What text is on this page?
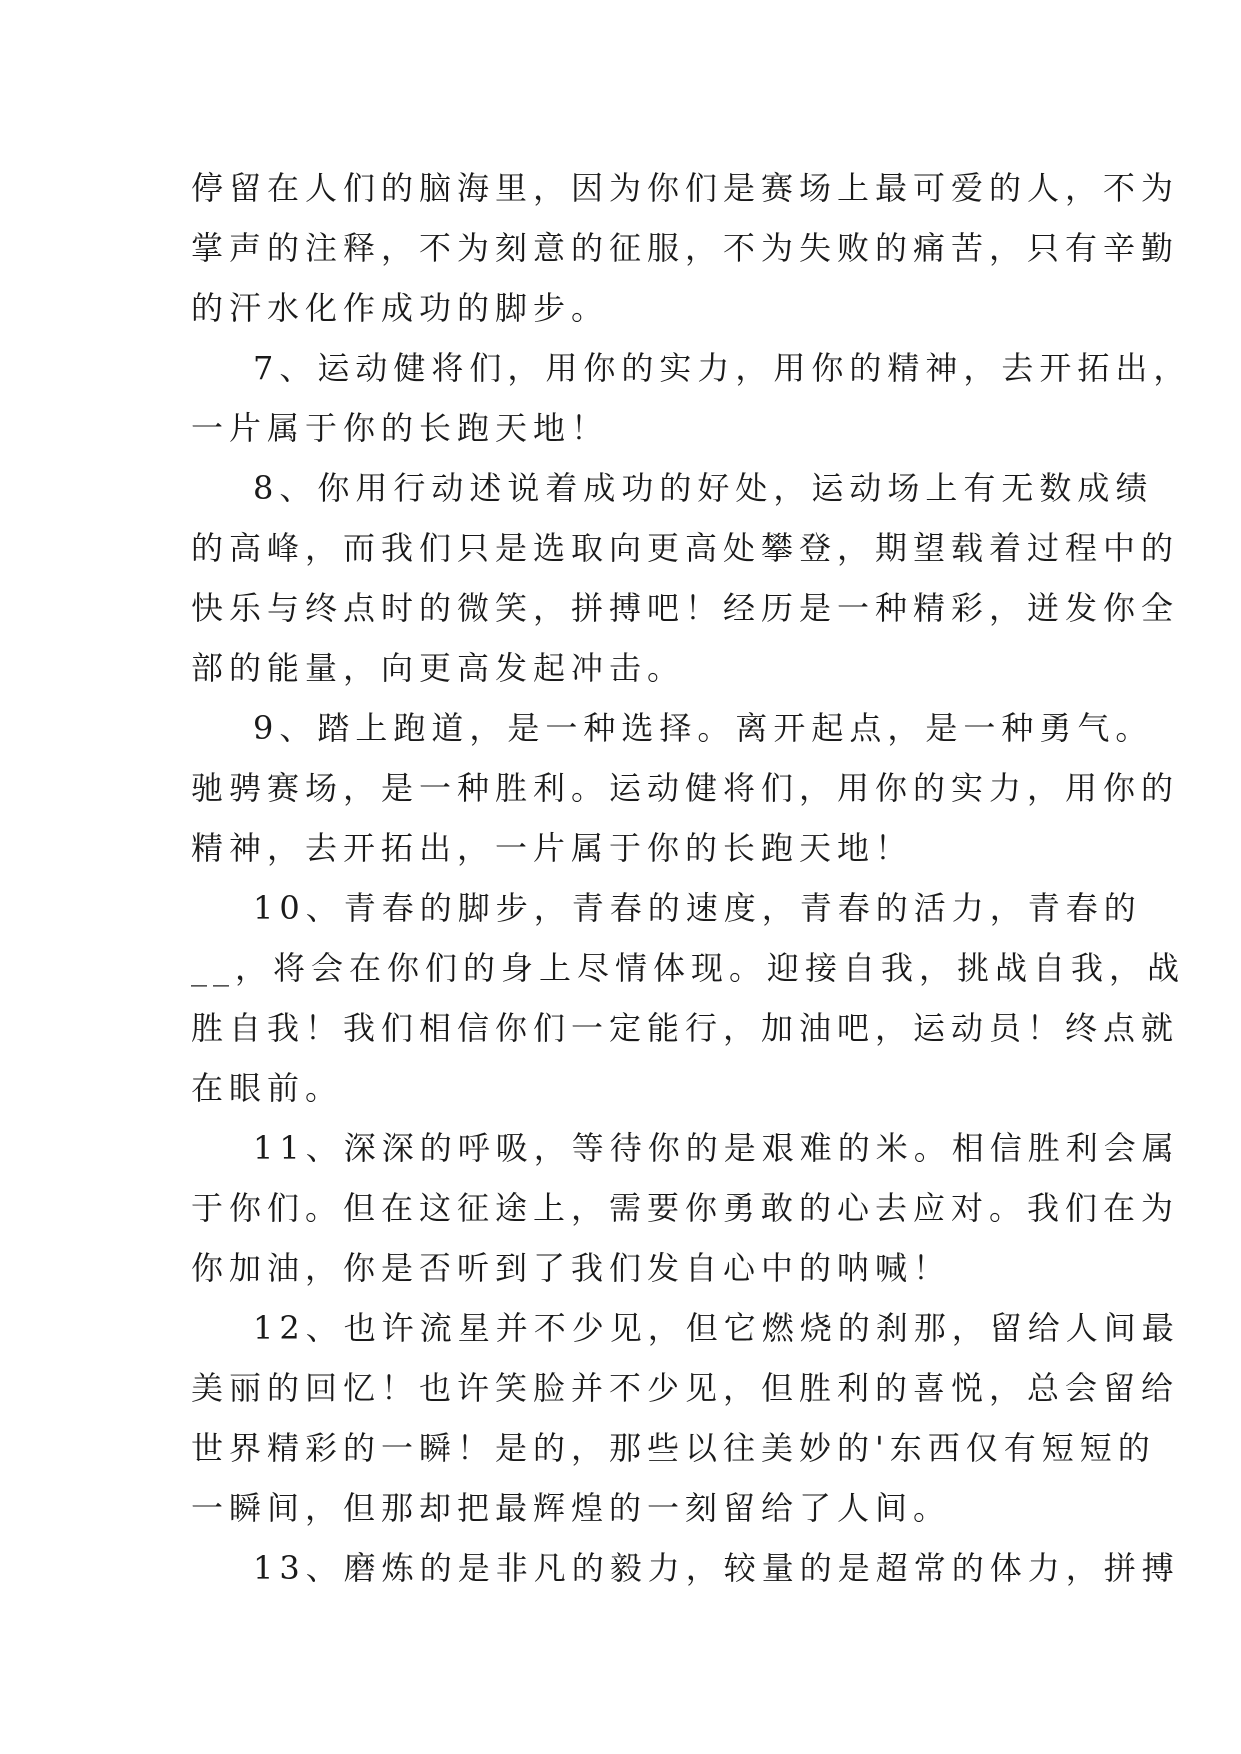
停留在人们的脑海里，因为你们是赛场上最可爱的人，不为
掌声的注释，不为刻意的征服，不为失败的痛苦，只有辛勤
的汗水化作成功的脚步。
7、运动健将们，用你的实力，用你的精神，去开拓出，
一片属于你的长跑天地！
8、你用行动述说着成功的好处，运动场上有无数成绩
的高峰，而我们只是选取向更高处攀登，期望载着过程中的
快乐与终点时的微笑，拼搏吧！经历是一种精彩，迸发你全
部的能量，向更高发起冲击。
9、踏上跑道，是一种选择。离开起点，是一种勇气。
驰骋赛场，是一种胜利。运动健将们，用你的实力，用你的
精神，去开拓出，一片属于你的长跑天地！
10、青春的脚步，青春的速度，青春的活力，青春的
__，将会在你们的身上尽情体现。迎接自我，挑战自我，战
胜自我！我们相信你们一定能行，加油吧，运动员！终点就
在眼前。
11、深深的呼吸，等待你的是艰难的米。相信胜利会属
于你们。但在这征途上，需要你勇敢的心去应对。我们在为
你加油，你是否听到了我们发自心中的呐喊！
12、也许流星并不少见，但它燃烧的刹那，留给人间最
美丽的回忆！也许笑脸并不少见，但胜利的喜悦，总会留给
世界精彩的一瞬！是的，那些以往美妙的'东西仅有短短的
一瞬间，但那却把最辉煌的一刻留给了人间。
13、磨炼的是非凡的毅力，较量的是超常的体力，拼搏
